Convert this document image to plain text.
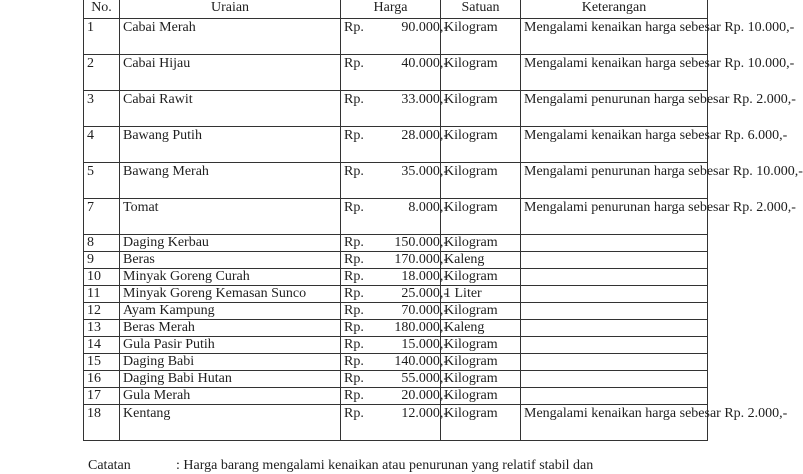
No.	Uraian	Harga	Satuan	Keterangan
1	Cabai Merah	Rp. 90.000,-	Kilogram	Mengalami kenaikan harga sebesar Rp. 10.000,-
2	Cabai Hijau	Rp. 40.000,-	Kilogram	Mengalami kenaikan harga sebesar Rp. 10.000,-
3	Cabai Rawit	Rp. 33.000,-	Kilogram	Mengalami penurunan harga sebesar Rp. 2.000,-
4	Bawang Putih	Rp. 28.000,-	Kilogram	Mengalami kenaikan harga sebesar Rp. 6.000,-
5	Bawang Merah	Rp. 35.000,-	Kilogram	Mengalami penurunan harga sebesar Rp. 10.000,-
7	Tomat	Rp. 8.000,-	Kilogram	Mengalami penurunan harga sebesar Rp. 2.000,-
8	Daging Kerbau	Rp. 150.000,-	Kilogram	
9	Beras	Rp. 170.000,-	Kaleng	
10	Minyak Goreng Curah	Rp. 18.000,-	Kilogram	
11	Minyak Goreng Kemasan Sunco	Rp. 25.000,-	1 Liter	
12	Ayam Kampung	Rp. 70.000,-	Kilogram	
13	Beras Merah	Rp. 180.000,-	Kaleng	
14	Gula Pasir Putih	Rp. 15.000,-	Kilogram	
15	Daging Babi	Rp. 140.000,-	Kilogram	
16	Daging Babi Hutan	Rp. 55.000,-	Kilogram	
17	Gula Merah	Rp. 20.000,-	Kilogram	
18	Kentang	Rp. 12.000,-	Kilogram	Mengalami kenaikan harga sebesar Rp. 2.000,-
Catatan	: Harga barang mengalami kenaikan atau penurunan yang relatif stabil dan
